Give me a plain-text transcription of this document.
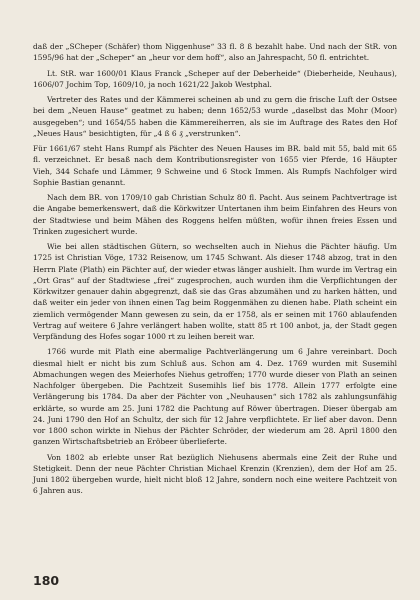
daß der „SCheper (Schäfer) thom Niggenhuse“ 33 fl. 8 ß bezahlt habe. Und nach der StR. von 1595/96 hat der „Scheper“ an „heur vor dem hoff“, also an Jahrespacht, 50 fl. entrichtet.

Lt. StR. war 1600/01 Klaus Franck „Scheper auf der Deberheide“ (Dieberheide, Neuhaus), 1606/07 Jochim Top, 1609/10, ja noch 1621/22 Jakob Westphal.

Vertreter des Rates und der Kämmerei scheinen ab und zu gern die frische Luft der Ostsee bei dem „Neuen Hause“ geatmet zu haben; denn 1652/53 wurde „daselbst das Mohr (Moor) ausgegeben“; und 1654/55 haben die Kämmereiherren, als sie im Auftrage des Rates den Hof „Neues Haus“ besichtigten, für „4 ß 6 ₰ „verstrunken“.

Für 1661/67 steht Hans Rumpf als Pächter des Neuen Hauses im BR. bald mit 55, bald mit 65 fl. verzeichnet. Er besaß nach dem Kontributionsregister von 1655 vier Pferde, 16 Häupter Vieh, 344 Schafe und Lämmer, 9 Schweine und 6 Stock Immen. Als Rumpfs Nachfolger wird Sophie Bastian genannt.

Nach dem BR. von 1709/10 gab Christian Schulz 80 fl. Pacht. Aus seinem Pachtvertrage ist die Angabe bemerkenswert, daß die Körkwitzer Untertanen ihm beim Einfahren des Heurs von der Stadtwiese und beim Mähen des Roggens helfen müßten, wofür ihnen freies Essen und Trinken zugesichert wurde.

Wie bei allen städtischen Gütern, so wechselten auch in Niehus die Pächter häufig. Um 1725 ist Christian Vöge, 1732 Reisenow, um 1745 Schwant. Als dieser 1748 abzog, trat in den Herrn Plate (Plath) ein Pächter auf, der wieder etwas länger aushielt. Ihm wurde im Vertrag ein „Ort Gras“ auf der Stadtwiese „frei“ zugesprochen, auch wurden ihm die Verpflichtungen der Körkwitzer genauer dahin abgegrenzt, daß sie das Gras abzumähen und zu harken hätten, und daß weiter ein jeder von ihnen einen Tag beim Roggenmähen zu dienen habe. Plath scheint ein ziemlich vermögender Mann gewesen zu sein, da er 1758, als er seinen mit 1760 ablaufenden Vertrag auf weitere 6 Jahre verlängert haben wollte, statt 85 rt 100 anbot, ja, der Stadt gegen Verpfändung des Hofes sogar 1000 rt zu leihen bereit war.

1766 wurde mit Plath eine abermalige Pachtverlängerung um 6 Jahre vereinbart. Doch diesmal hielt er nicht bis zum Schluß aus. Schon am 4. Dez. 1769 wurden mit Susemihl Abmachungen wegen des Meierhofes Niehus getroffen; 1770 wurde dieser von Plath an seinen Nachfolger übergeben. Die Pachtzeit Susemihls lief bis 1778. Allein 1777 erfolgte eine Verlängerung bis 1784. Da aber der Pächter von „Neuhausen“ sich 1782 als zahlungsunfähig erklärte, so wurde am 25. Juni 1782 die Pachtung auf Röwer übertragen. Dieser übergab am 24. Juni 1790 den Hof an Schultz, der sich für 12 Jahre verpflichtete. Er lief aber davon. Denn vor 1800 schon wirkte in Niehus der Pächter Schröder, der wiederum am 28. April 1800 den ganzen Wirtschaftsbetrieb an Eröbeer überlieferte.

Von 1802 ab erlebte unser Rat bezüglich Niehusens abermals eine Zeit der Ruhe und Stetigkeit. Denn der neue Pächter Christian Michael Krenzin (Krenzien), dem der Hof am 25. Juni 1802 übergeben wurde, hielt nicht bloß 12 Jahre, sondern noch eine weitere Pachtzeit von 6 Jahren aus.

180
